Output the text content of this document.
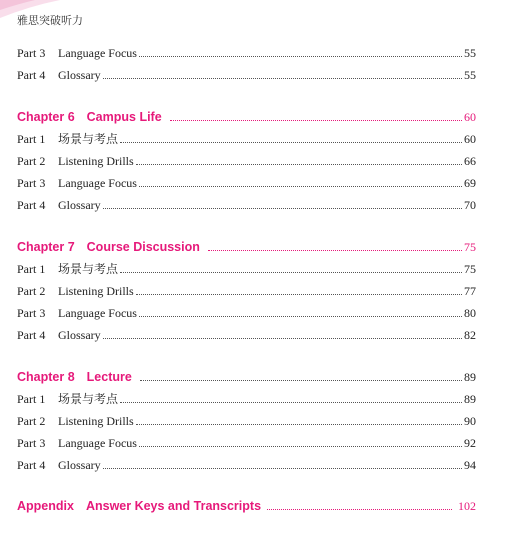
雅思突破听力
Part 3	Language Focus	55
Part 4	Glossary	55
Chapter 6 Campus Life	60
Part 1	场景与考点	60
Part 2	Listening Drills	66
Part 3	Language Focus	69
Part 4	Glossary	70
Chapter 7 Course Discussion	75
Part 1	场景与考点	75
Part 2	Listening Drills	77
Part 3	Language Focus	80
Part 4	Glossary	82
Chapter 8 Lecture	89
Part 1	场景与考点	89
Part 2	Listening Drills	90
Part 3	Language Focus	92
Part 4	Glossary	94
Appendix Answer Keys and Transcripts	102
